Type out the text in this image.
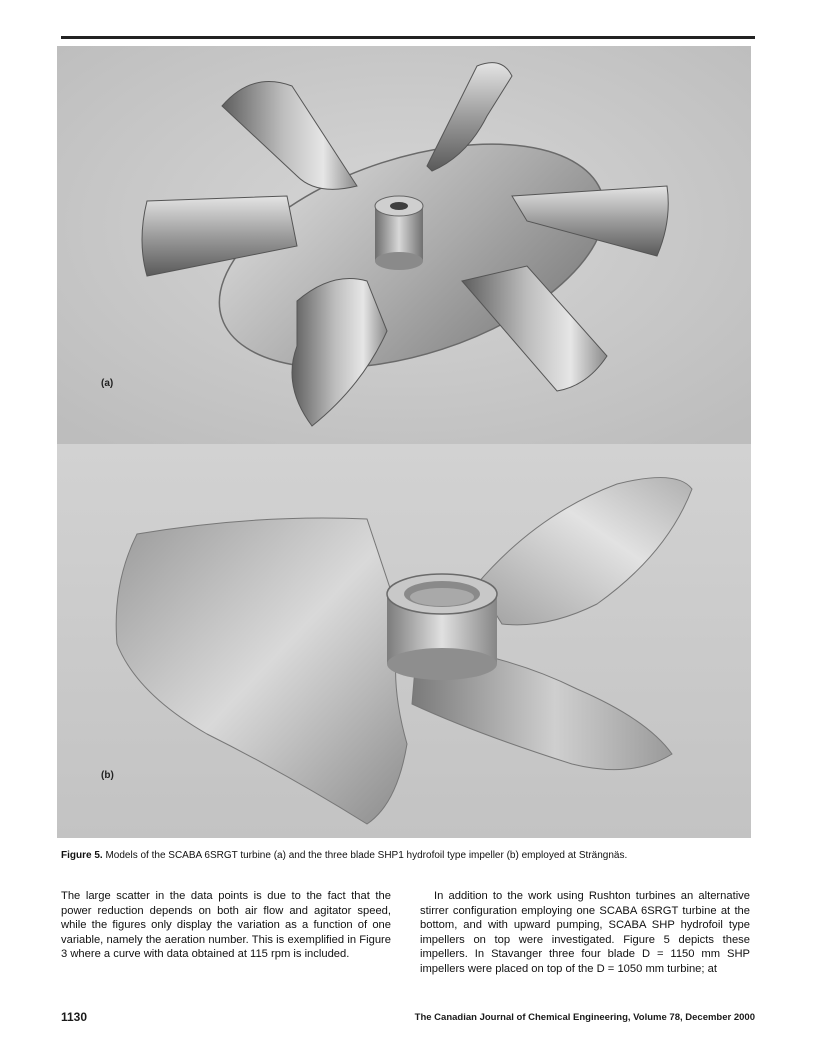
(a)
(b)
Figure 5. Models of the SCABA 6SRGT turbine (a) and the three blade SHP1 hydrofoil type impeller (b) employed at Strängnäs.

The large scatter in the data points is due to the fact that the power reduction depends on both air flow and agitator speed, while the figures only display the variation as a function of one variable, namely the aeration number. This is exemplified in Figure 3 where a curve with data obtained at 115 rpm is included.

In addition to the work using Rushton turbines an alternative stirrer configuration employing one SCABA 6SRGT turbine at the bottom, and with upward pumping, SCABA SHP hydrofoil type impellers on top were investigated. Figure 5 depicts these impellers. In Stavanger three four blade D = 1150 mm SHP impellers were placed on top of the D = 1050 mm turbine; at

1130	The Canadian Journal of Chemical Engineering, Volume 78, December 2000
